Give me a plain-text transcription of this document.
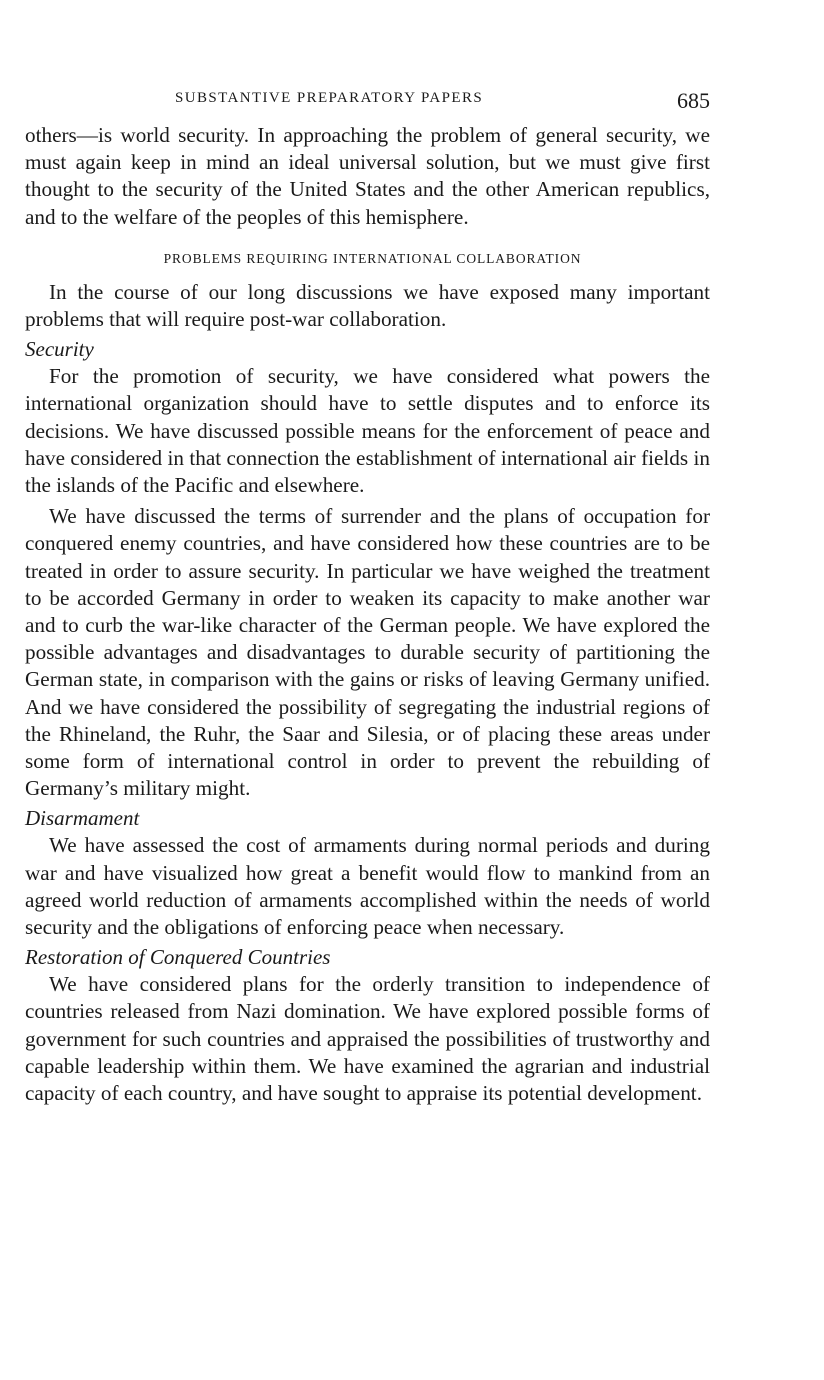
SUBSTANTIVE PREPARATORY PAPERS	685

others—is world security. In approaching the problem of general security, we must again keep in mind an ideal universal solution, but we must give first thought to the security of the United States and the other American republics, and to the welfare of the peoples of this hemisphere.

PROBLEMS REQUIRING INTERNATIONAL COLLABORATION

In the course of our long discussions we have exposed many important problems that will require post-war collaboration.

Security

For the promotion of security, we have considered what powers the international organization should have to settle disputes and to enforce its decisions. We have discussed possible means for the enforcement of peace and have considered in that connection the establishment of international air fields in the islands of the Pacific and elsewhere.

We have discussed the terms of surrender and the plans of occupation for conquered enemy countries, and have considered how these countries are to be treated in order to assure security. In particular we have weighed the treatment to be accorded Germany in order to weaken its capacity to make another war and to curb the war-like character of the German people. We have explored the possible advantages and disadvantages to durable security of partitioning the German state, in comparison with the gains or risks of leaving Germany unified. And we have considered the possibility of segregating the industrial regions of the Rhineland, the Ruhr, the Saar and Silesia, or of placing these areas under some form of international control in order to prevent the rebuilding of Germany’s military might.

Disarmament

We have assessed the cost of armaments during normal periods and during war and have visualized how great a benefit would flow to mankind from an agreed world reduction of armaments accomplished within the needs of world security and the obligations of enforcing peace when necessary.

Restoration of Conquered Countries

We have considered plans for the orderly transition to independence of countries released from Nazi domination. We have explored possible forms of government for such countries and appraised the possibilities of trustworthy and capable leadership within them. We have examined the agrarian and industrial capacity of each country, and have sought to appraise its potential development.
